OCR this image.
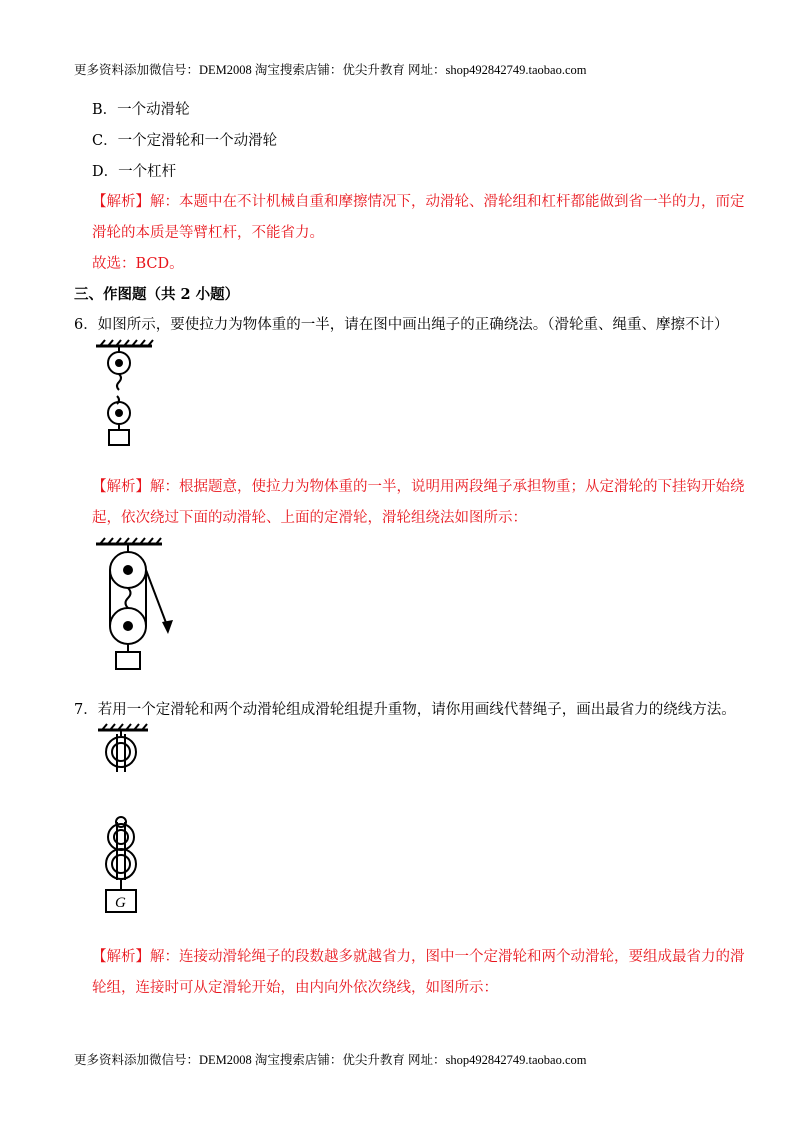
更多资料添加微信号：DEM2008 淘宝搜索店铺：优尖升教育 网址：shop492842749.taobao.com
B．一个动滑轮
C．一个定滑轮和一个动滑轮
D．一个杠杆
【解析】解：本题中在不计机械自重和摩擦情况下，动滑轮、滑轮组和杠杆都能做到省一半的力，而定
滑轮的本质是等臂杠杆，不能省力。
故选：BCD。
三、作图题（共 2 小题）
6．如图所示，要使拉力为物体重的一半，请在图中画出绳子的正确绕法。（滑轮重、绳重、摩擦不计）
【解析】解：根据题意，使拉力为物体重的一半，说明用两段绳子承担物重；从定滑轮的下挂钩开始绕
起，依次绕过下面的动滑轮、上面的定滑轮，滑轮组绕法如图所示：
7．若用一个定滑轮和两个动滑轮组成滑轮组提升重物，请你用画线代替绳子，画出最省力的绕线方法。
G
【解析】解：连接动滑轮绳子的段数越多就越省力，图中一个定滑轮和两个动滑轮，要组成最省力的滑
轮组，连接时可从定滑轮开始，由内向外依次绕线，如图所示：
更多资料添加微信号：DEM2008 淘宝搜索店铺：优尖升教育 网址：shop492842749.taobao.com
